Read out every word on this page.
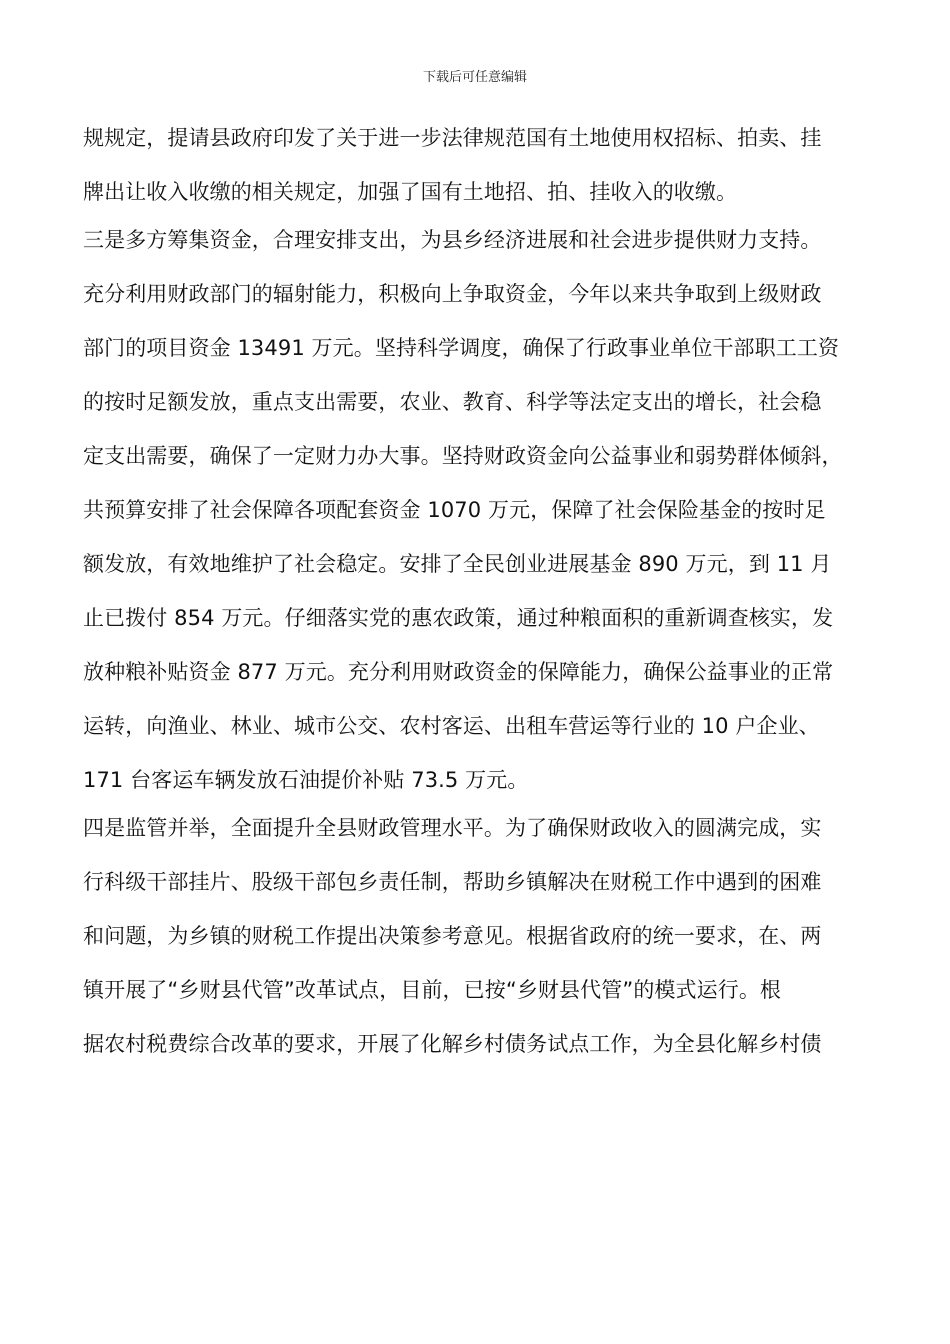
下载后可任意编辑
规规定，提请县政府印发了关于进一步法律规范国有土地使用权招标、拍卖、挂
牌出让收入收缴的相关规定，加强了国有土地招、拍、挂收入的收缴。
三是多方筹集资金，合理安排支出，为县乡经济进展和社会进步提供财力支持。
充分利用财政部门的辐射能力，积极向上争取资金，今年以来共争取到上级财政
部门的项目资金 13491 万元。坚持科学调度，确保了行政事业单位干部职工工资
的按时足额发放，重点支出需要，农业、教育、科学等法定支出的增长，社会稳
定支出需要，确保了一定财力办大事。坚持财政资金向公益事业和弱势群体倾斜，
共预算安排了社会保障各项配套资金 1070 万元，保障了社会保险基金的按时足
额发放，有效地维护了社会稳定。安排了全民创业进展基金 890 万元，到 11 月
止已拨付 854 万元。仔细落实党的惠农政策，通过种粮面积的重新调查核实，发
放种粮补贴资金 877 万元。充分利用财政资金的保障能力，确保公益事业的正常
运转，向渔业、林业、城市公交、农村客运、出租车营运等行业的 10 户企业、
171 台客运车辆发放石油提价补贴 73.5 万元。
四是监管并举，全面提升全县财政管理水平。为了确保财政收入的圆满完成，实
行科级干部挂片、股级干部包乡责任制，帮助乡镇解决在财税工作中遇到的困难
和问题，为乡镇的财税工作提出决策参考意见。根据省政府的统一要求，在、两
镇开展了“乡财县代管”改革试点，目前，已按“乡财县代管”的模式运行。根
据农村税费综合改革的要求，开展了化解乡村债务试点工作，为全县化解乡村债
